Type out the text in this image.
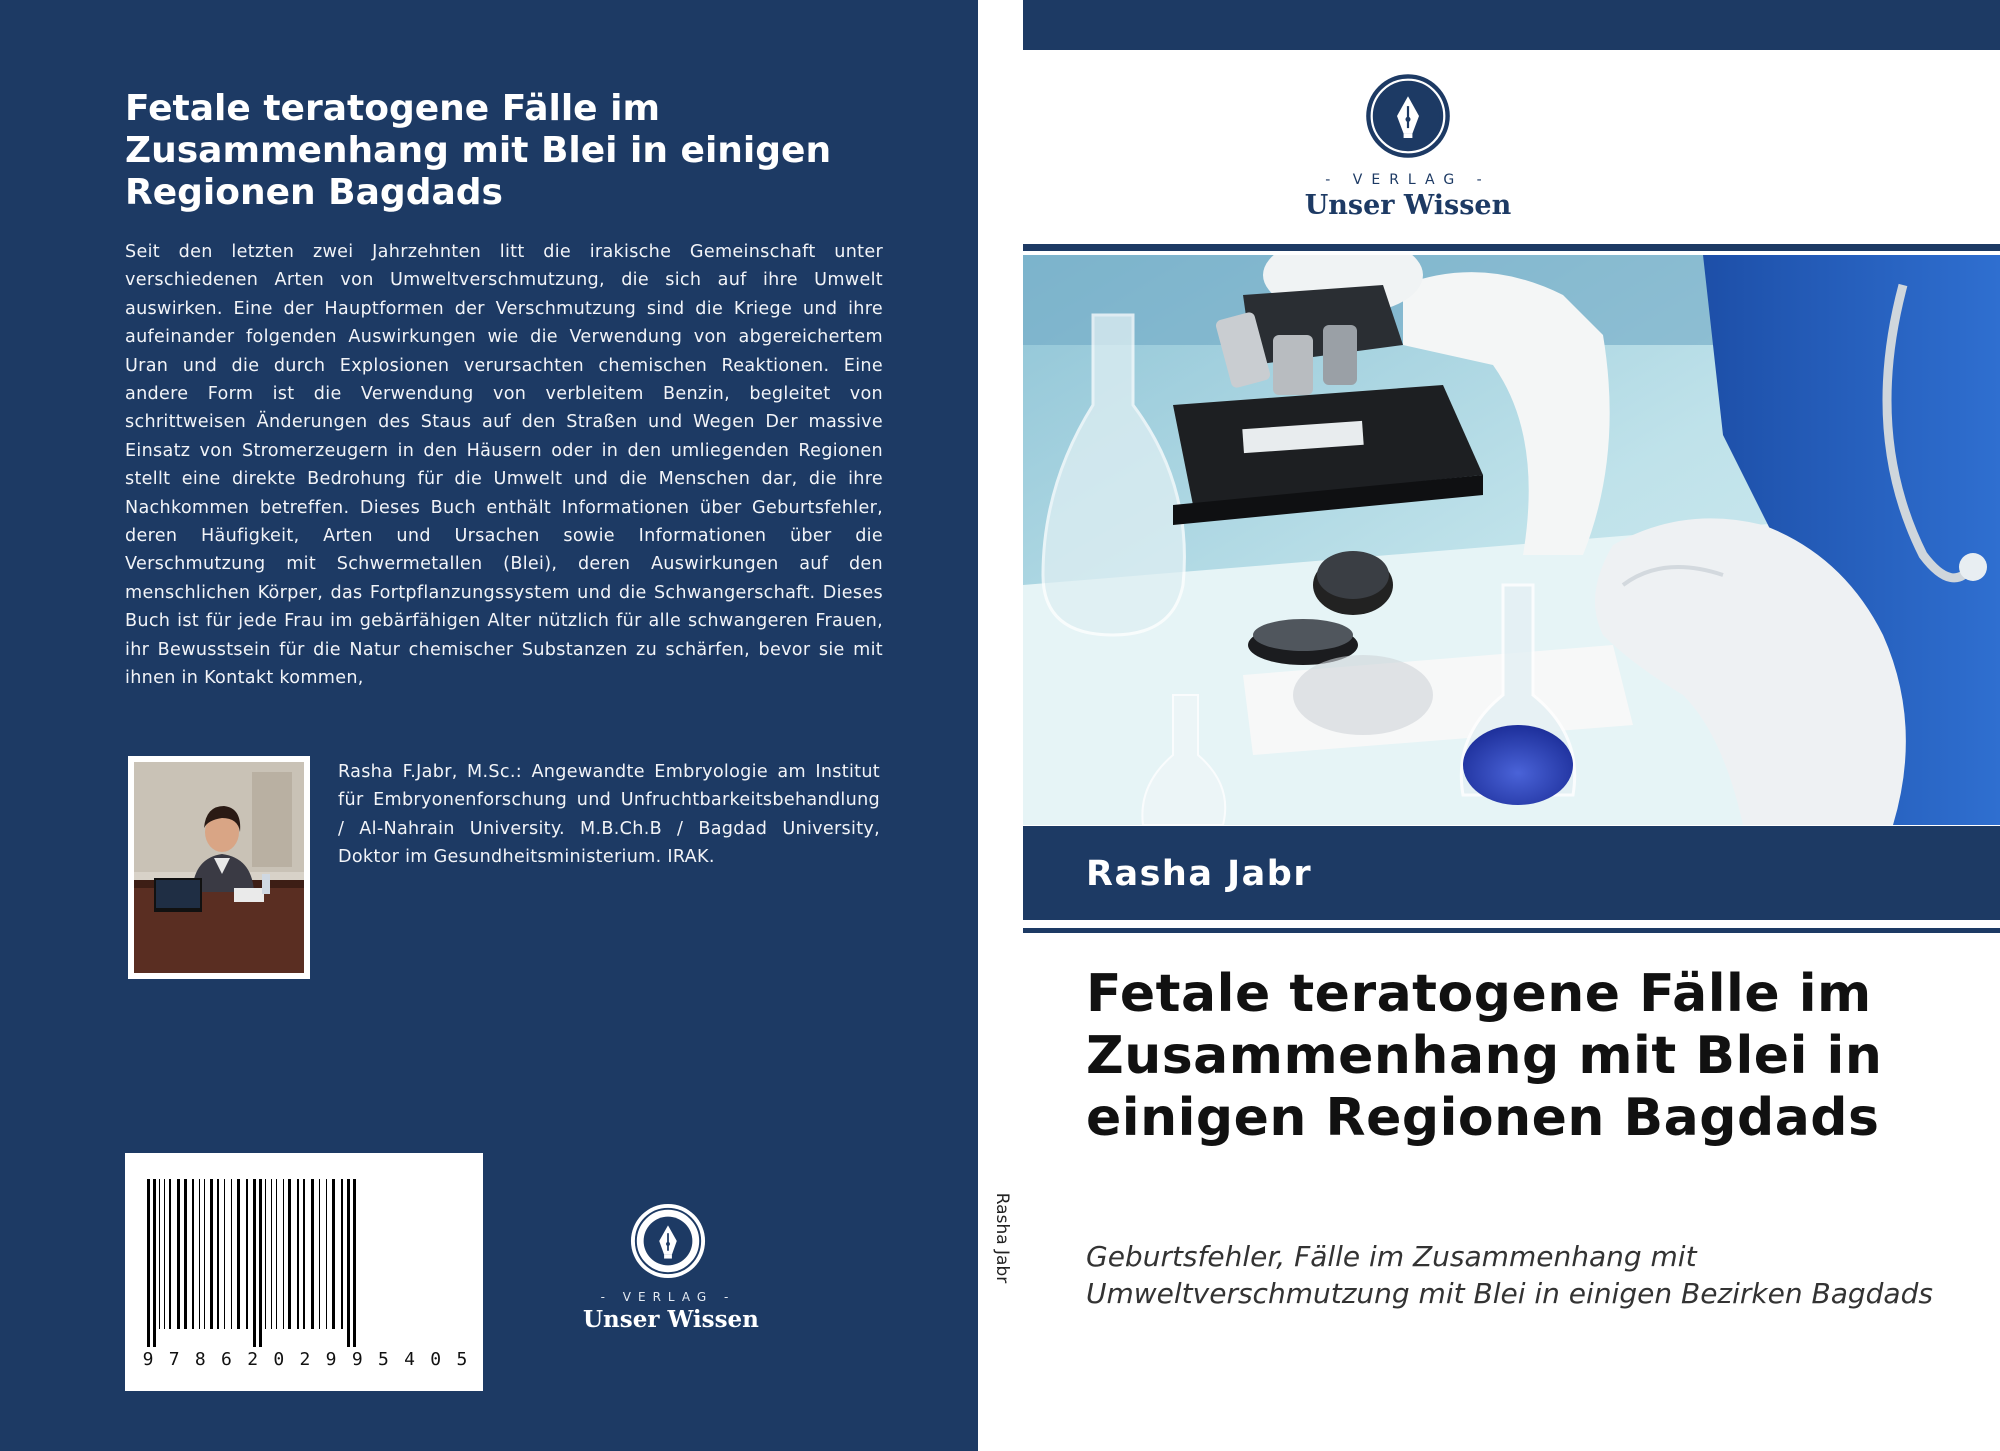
Fetale teratogene Fälle im Zusammenhang mit Blei in einigen Regionen Bagdads

Seit den letzten zwei Jahrzehnten litt die irakische Gemeinschaft unter verschiedenen Arten von Umweltverschmutzung, die sich auf ihre Umwelt auswirken. Eine der Hauptformen der Verschmutzung sind die Kriege und ihre aufeinander folgenden Auswirkungen wie die Verwendung von abgereichertem Uran und die durch Explosionen verursachten chemischen Reaktionen. Eine andere Form ist die Verwendung von verbleitem Benzin, begleitet von schrittweisen Änderungen des Staus auf den Straßen und Wegen Der massive Einsatz von Stromerzeugern in den Häusern oder in den umliegenden Regionen stellt eine direkte Bedrohung für die Umwelt und die Menschen dar, die ihre Nachkommen betreffen. Dieses Buch enthält Informationen über Geburtsfehler, deren Häufigkeit, Arten und Ursachen sowie Informationen über die Verschmutzung mit Schwermetallen (Blei), deren Auswirkungen auf den menschlichen Körper, das Fortpflanzungssystem und die Schwangerschaft. Dieses Buch ist für jede Frau im gebärfähigen Alter nützlich für alle schwangeren Frauen, ihr Bewusstsein für die Natur chemischer Substanzen zu schärfen, bevor sie mit ihnen in Kontakt kommen,

Rasha F.Jabr, M.Sc.: Angewandte Embryologie am Institut für Embryonenforschung und Unfruchtbarkeitsbehandlung / Al-Nahrain University. M.B.Ch.B / Bagdad University, Doktor im Gesundheitsministerium. IRAK.

9 7 8 6 2 0 2 9 9 5 4 0 5
- VERLAG -
Unser Wissen
Rasha Jabr
- VERLAG -
Unser Wissen
Rasha Jabr
Fetale teratogene Fälle im Zusammenhang mit Blei in einigen Regionen Bagdads

Geburtsfehler, Fälle im Zusammenhang mit Umweltverschmutzung mit Blei in einigen Bezirken Bagdads
